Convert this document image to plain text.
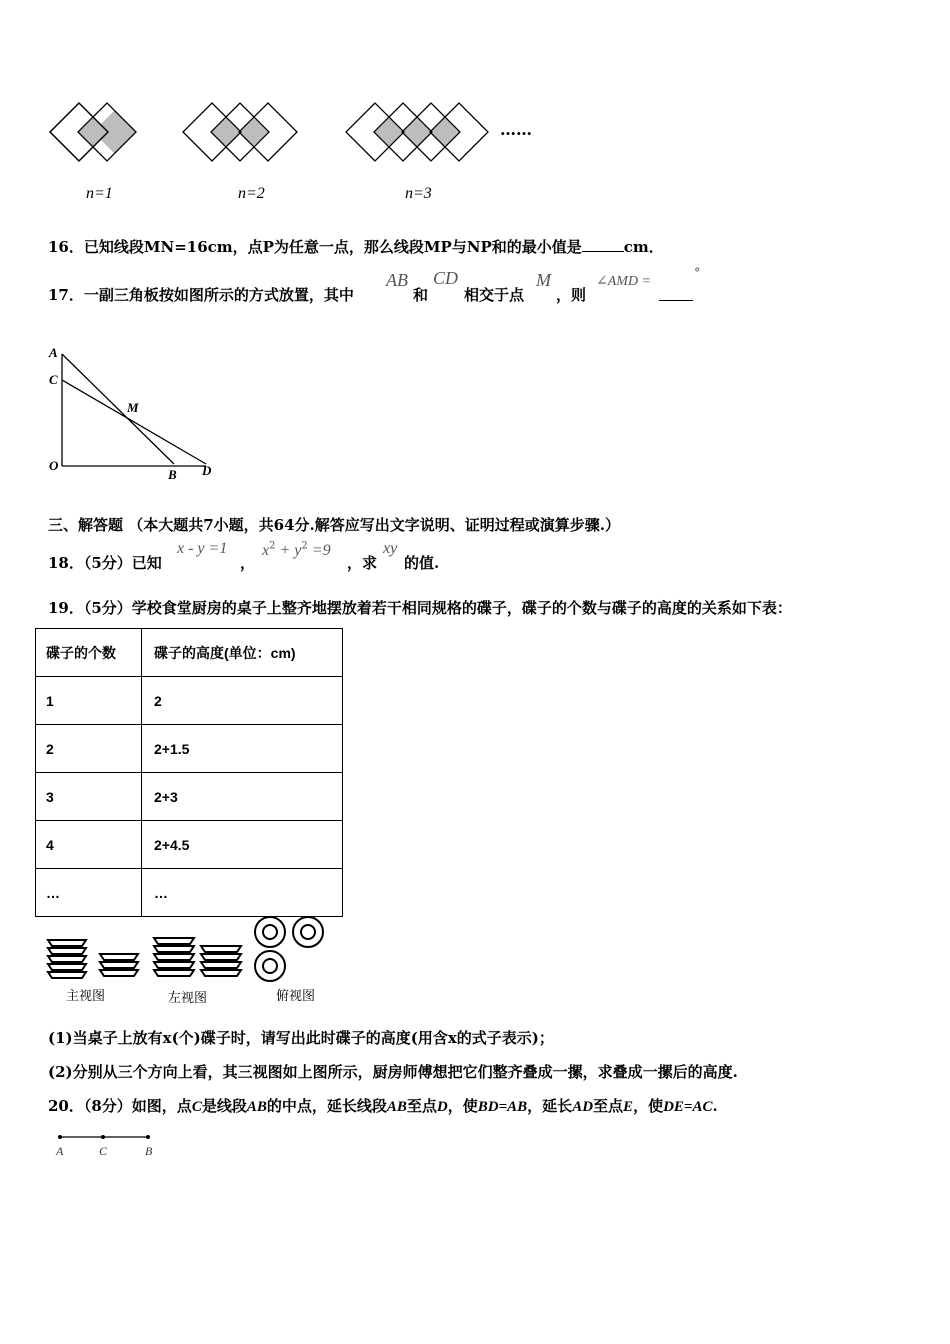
……
n=1	n=2	n=3
16．已知线段MN=16cm，点P为任意一点，那么线段MP与NP和的最小值是	cm．
17．一副三角板按如图所示的方式放置，其中
AB
和
CD
相交于点
M
，则
∠AMD =
°
A
C
M
O
B D
三、解答题 （本大题共7小题，共64分.解答应写出文字说明、证明过程或演算步骤.）
18．（5分）已知
x - y =1
，
$x^2 + y^2 =9$
，求
xy
的值.
19．（5分）学校食堂厨房的桌子上整齐地摆放着若干相同规格的碟子，碟子的个数与碟子的高度的关系如下表：
碟子的个数	碟子的高度(单位：cm)
1	2
2	2+1.5
3	2+3
4	2+4.5
…	…
主视图	左视图	俯视图
(1)当桌子上放有x(个)碟子时，请写出此时碟子的高度(用含x的式子表示)；
(2)分别从三个方向上看，其三视图如上图所示，厨房师傅想把它们整齐叠成一摞，求叠成一摞后的高度.
20．（8分）如图，点C是线段AB的中点，延长线段AB至点D，使BD=AB，延长AD至点E，使DE=AC.
A	C	B
